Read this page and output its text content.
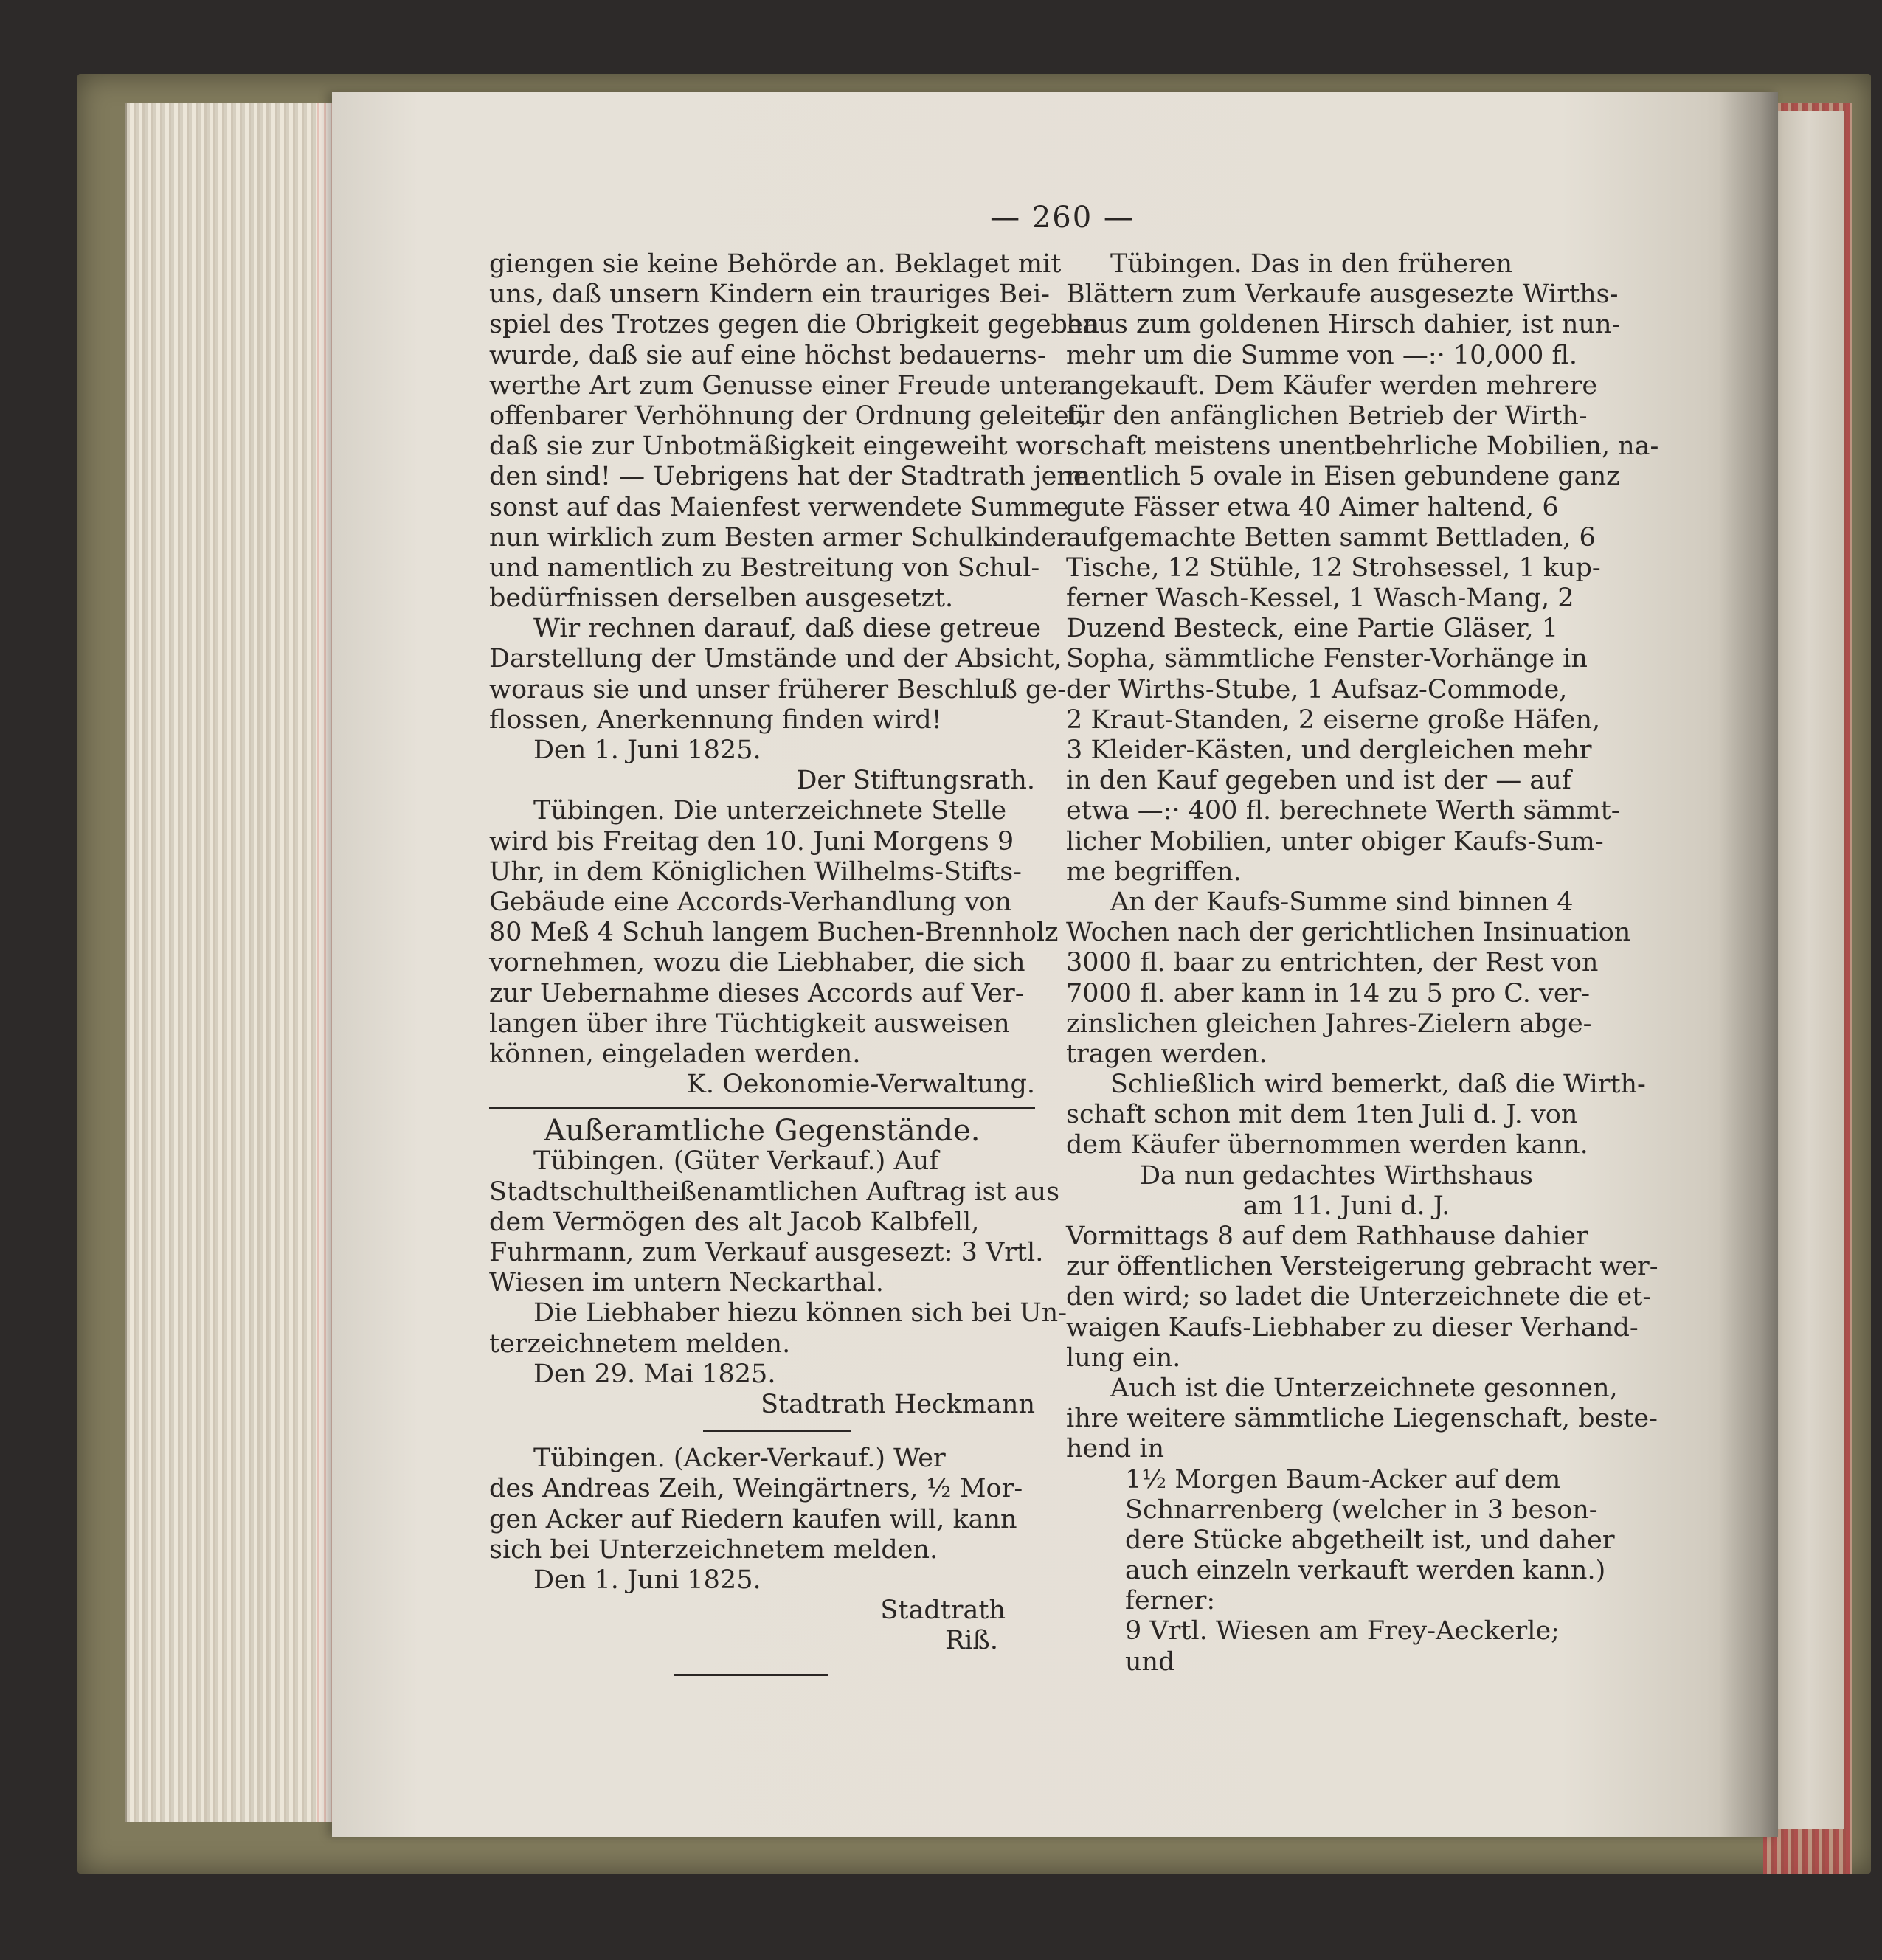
— 260 —
giengen sie keine Behörde an. Beklaget mit
uns, daß unsern Kindern ein trauriges Bei-
spiel des Trotzes gegen die Obrigkeit gegeben
wurde, daß sie auf eine höchst bedauerns-
werthe Art zum Genusse einer Freude unter
offenbarer Verhöhnung der Ordnung geleitet,
daß sie zur Unbotmäßigkeit eingeweiht wor-
den sind! — Uebrigens hat der Stadtrath jene
sonst auf das Maienfest verwendete Summe
nun wirklich zum Besten armer Schulkinder
und namentlich zu Bestreitung von Schul-
bedürfnissen derselben ausgesetzt.
Wir rechnen darauf, daß diese getreue
Darstellung der Umstände und der Absicht,
woraus sie und unser früherer Beschluß ge-
flossen, Anerkennung finden wird!
Den 1. Juni 1825.
Der Stiftungsrath.
Tübingen. Die unterzeichnete Stelle
wird bis Freitag den 10. Juni Morgens 9
Uhr, in dem Königlichen Wilhelms-Stifts-
Gebäude eine Accords-Verhandlung von
80 Meß 4 Schuh langem Buchen-Brennholz
vornehmen, wozu die Liebhaber, die sich
zur Uebernahme dieses Accords auf Ver-
langen über ihre Tüchtigkeit ausweisen
können, eingeladen werden.
K. Oekonomie-Verwaltung.
Außeramtliche Gegenstände.
Tübingen. (Güter Verkauf.) Auf
Stadtschultheißenamtlichen Auftrag ist aus
dem Vermögen des alt Jacob Kalbfell,
Fuhrmann, zum Verkauf ausgesezt: 3 Vrtl.
Wiesen im untern Neckarthal.
Die Liebhaber hiezu können sich bei Un-
terzeichnetem melden.
Den 29. Mai 1825.
Stadtrath Heckmann
Tübingen. (Acker-Verkauf.) Wer
des Andreas Zeih, Weingärtners, ½ Mor-
gen Acker auf Riedern kaufen will, kann
sich bei Unterzeichnetem melden.
Den 1. Juni 1825.
Stadtrath
Riß.
Tübingen. Das in den früheren
Blättern zum Verkaufe ausgesezte Wirths-
haus zum goldenen Hirsch dahier, ist nun-
mehr um die Summe von —:· 10,000 fl.
angekauft. Dem Käufer werden mehrere
für den anfänglichen Betrieb der Wirth-
schaft meistens unentbehrliche Mobilien, na-
mentlich 5 ovale in Eisen gebundene ganz
gute Fässer etwa 40 Aimer haltend, 6
aufgemachte Betten sammt Bettladen, 6
Tische, 12 Stühle, 12 Strohsessel, 1 kup-
ferner Wasch-Kessel, 1 Wasch-Mang, 2
Duzend Besteck, eine Partie Gläser, 1
Sopha, sämmtliche Fenster-Vorhänge in
der Wirths-Stube, 1 Aufsaz-Commode,
2 Kraut-Standen, 2 eiserne große Häfen,
3 Kleider-Kästen, und dergleichen mehr
in den Kauf gegeben und ist der — auf
etwa —:· 400 fl. berechnete Werth sämmt-
licher Mobilien, unter obiger Kaufs-Sum-
me begriffen.
An der Kaufs-Summe sind binnen 4
Wochen nach der gerichtlichen Insinuation
3000 fl. baar zu entrichten, der Rest von
7000 fl. aber kann in 14 zu 5 pro C. ver-
zinslichen gleichen Jahres-Zielern abge-
tragen werden.
Schließlich wird bemerkt, daß die Wirth-
schaft schon mit dem 1ten Juli d. J. von
dem Käufer übernommen werden kann.
Da nun gedachtes Wirthshaus
am 11. Juni d. J.
Vormittags 8 auf dem Rathhause dahier
zur öffentlichen Versteigerung gebracht wer-
den wird; so ladet die Unterzeichnete die et-
waigen Kaufs-Liebhaber zu dieser Verhand-
lung ein.
Auch ist die Unterzeichnete gesonnen,
ihre weitere sämmtliche Liegenschaft, beste-
hend in
1½ Morgen Baum-Acker auf dem
Schnarrenberg (welcher in 3 beson-
dere Stücke abgetheilt ist, und daher
auch einzeln verkauft werden kann.)
ferner:
9 Vrtl. Wiesen am Frey-Aeckerle;
und
